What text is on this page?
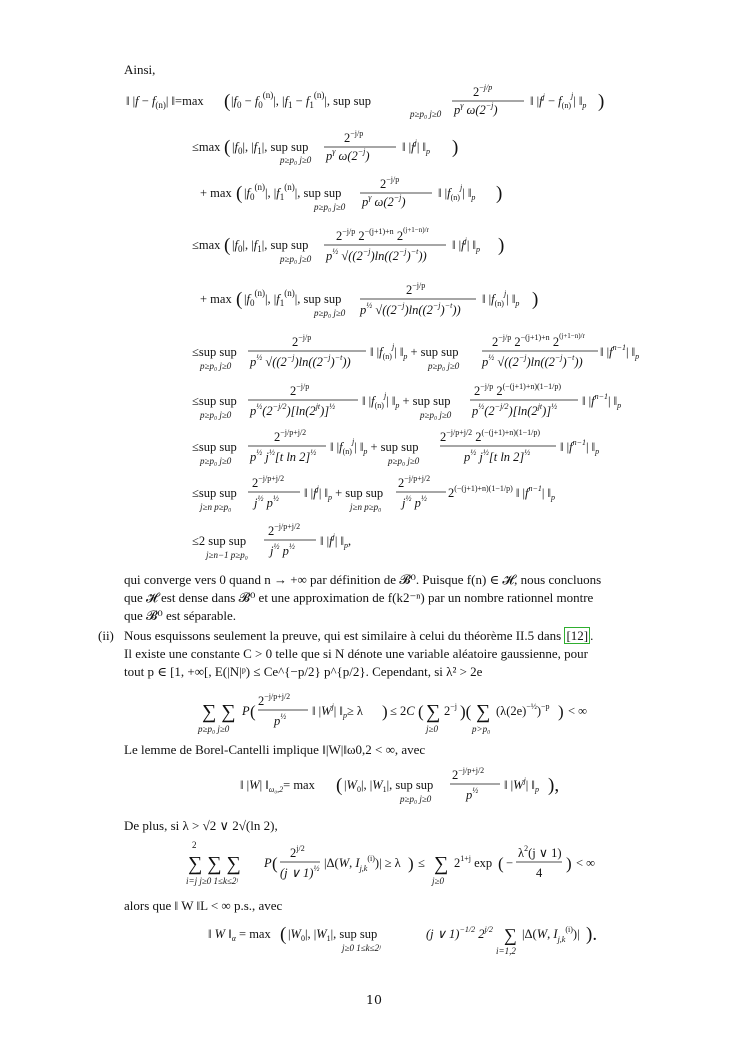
Ainsi,
‖ $|f - f_{(n)}|$ ‖=max ( $|f_0 - f_0^{(n)}|$, $|f_1 - f_1^{(n)}|$, sup sup
p≥p₀ j≥0
2−j/p
$p^\gamma$ $\omega(2^{-j})$
‖ $|f^j - f_{(n)}^j|$ $‖_p$ )
≤max ( $|f_0|$, $|f_1|$, sup sup
p≥p₀ j≥0
$2^{-j/p}$
$p^\gamma$ $\omega(2^{-j})$
‖ $|f^j|$ $‖_p$ )
+ max ( $|f_0^{(n)}|$, $|f_1^{(n)}|$, sup sup
p≥p₀ j≥0
$2^{-j/p}$
$p^\gamma$ $\omega(2^{-j})$
‖ $|f_{(n)}^j|$ $‖_p$ )
≤max ( $|f_0|$, $|f_1|$, sup sup
p≥p₀ j≥0
$2^{-j/p}$ $2^{-(j+1)+n}$ $2^{(j+1-n)/r}$
$p^{\frac{1}{2}}$ $√((2^{-j})\ln((2^{-j})^{-t}))$
‖ $|f^j|$ $‖_p$ )
+ max ( $|f_0^{(n)}|$, $|f_1^{(n)}|$, sup sup
p≥p₀ j≥0
$2^{-j/p}$
$p^{\frac{1}{2}}$ $√((2^{-j})\ln((2^{-j})^{-t}))$
‖ $|f_{(n)}^j|$ $‖_p$ )
≤sup sup
p≥p₀ j≥0
$2^{-j/p}$
$p^{\frac{1}{2}}$ $√((2^{-j})\ln((2^{-j})^{-t}))$
‖ $|f_{(n)}^j|$ $‖_p$ + sup sup
p≥p₀ j≥0
$2^{-j/p}$ $2^{-(j+1)+n}$ $2^{(j+1-n)/r}$
$p^{\frac{1}{2}}$ $√((2^{-j})\ln((2^{-j})^{-t}))$
‖ $|f^{n-1}|$ $‖_p$
≤sup sup
p≥p₀ j≥0
$2^{-j/p}$
$p^{\frac{1}{2}}(2^{-j/2})[\ln(2^{jt})]^{\frac{1}{2}}$ ‖ $|f_{(n)}^j|$ $‖_p$ + sup sup
p≥p₀ j≥0
$2^{-j/p}$ $2^{(-(j+1)+n)(1-1/p)}$
$p^{\frac{1}{2}}(2^{-j/2})[\ln(2^{jt})]^{\frac{1}{2}}$ ‖ $|f^{n-1}|$ $‖_p$
≤sup sup
p≥p₀ j≥0
$2^{-j/p+j/2}$
$p^{\frac{1}{2}}$ $j^{\frac{1}{2}}[t$ ln 2]$^{\frac{1}{2}}$ ‖ $|f_{(n)}^j|$ $‖_p$ + sup sup
p≥p₀ j≥0
$2^{-j/p+j/2}$ $2^{(-(j+1)+n)(1-1/p)}$
$p^{\frac{1}{2}}$ $j^{\frac{1}{2}}[t$ ln 2]$^{\frac{1}{2}}$ ‖ $|f^{n-1}|$ $‖_p$
≤sup sup
j≥n p≥p₀
$2^{-j/p+j/2}$
$j^{\frac{1}{2}}$ $p^{\frac{1}{2}}$ ‖ $|f^j|$ $‖_p$ + sup sup
j≥n p≥p₀
$2^{-j/p+j/2}$
$j^{\frac{1}{2}}$ $p^{\frac{1}{2}}$ $2^{(-(j+1)+n)(1-1/p)}$ ‖ $|f^{n-1}|$ $‖_p$
≤2 sup sup
j≥n−1 p≥p₀
$2^{-j/p+j/2}$
$j^{\frac{1}{2}}$ $p^{\frac{1}{2}}$ ‖ $|f^j|$ $‖_p$,
qui converge vers 0 quand n → +∞ par définition de 𝓑⁰. Puisque f(n) ∈ 𝓗, nous concluons
que 𝓗 est dense dans 𝓑⁰ et une approximation de f(k2⁻ⁿ) par un nombre rationnel montre
que 𝓑⁰ est séparable.
(ii) Nous esquissons seulement la preuve, qui est similaire à celui du théorème II.5 dans [12] .
Il existe une constante C > 0 telle que si N dénote une variable aléatoire gaussienne, pour
tout p ∈ [1, +∞[, E(|N|ᵖ) ≤ Ce^{−p/2} p^{p/2}. Cependant, si λ² > 2e
∑ ∑
p≥p₀ j≥0
P (
$2^{-j/p+j/2}$
$p^{\frac{1}{2}}$ ‖ $|W^j|$ $‖_p\ge \lambda$ ) ≤ 2C ( ∑
j≥0
$2^{-j}$ )( ∑
p>p₀
$(\lambda(2e)^{-\frac{1}{2}})^{-p}$ ) < ∞
Le lemme de Borel-Cantelli implique ‖|W|‖ω0,2 < ∞, avec
‖ |W| $‖_{\omega_0,2}= \max$ ( $|W_0|$, $|W_1|$, sup sup
p≥p₀ j≥0
$2^{-j/p+j/2}$
$p^{\frac{1}{2}}$ ‖ $|W^j|$ $‖_p$ ),
De plus, si λ > √2 ∨ 2√(ln 2),
2
∑ ∑ ∑
i=j j≥0 1≤k≤2ʲ
P (
$2^{j/2}$
(j ∨ 1)$^{\frac{1}{2}}$ |Δ(W, $I_{j,k}^{(i)})| \ge \lambda$ ) ≤ ∑
j≥0
$2^{1+j}$ exp ( −
$\lambda^2(j$ ∨ 1)
4 ) < ∞
alors que ‖ W ‖L < ∞ p.s., avec
‖ W $‖_\alpha = \max$ ( $|W_0|$, $|W_1|$, sup sup
j≥0 1≤k≤2ʲ
(j ∨ 1)$^{-1/2}$ $2^{j/2}$ ∑
i=1,2
|Δ(W, $I_{j,k}^{(i)})|$ ).
10
